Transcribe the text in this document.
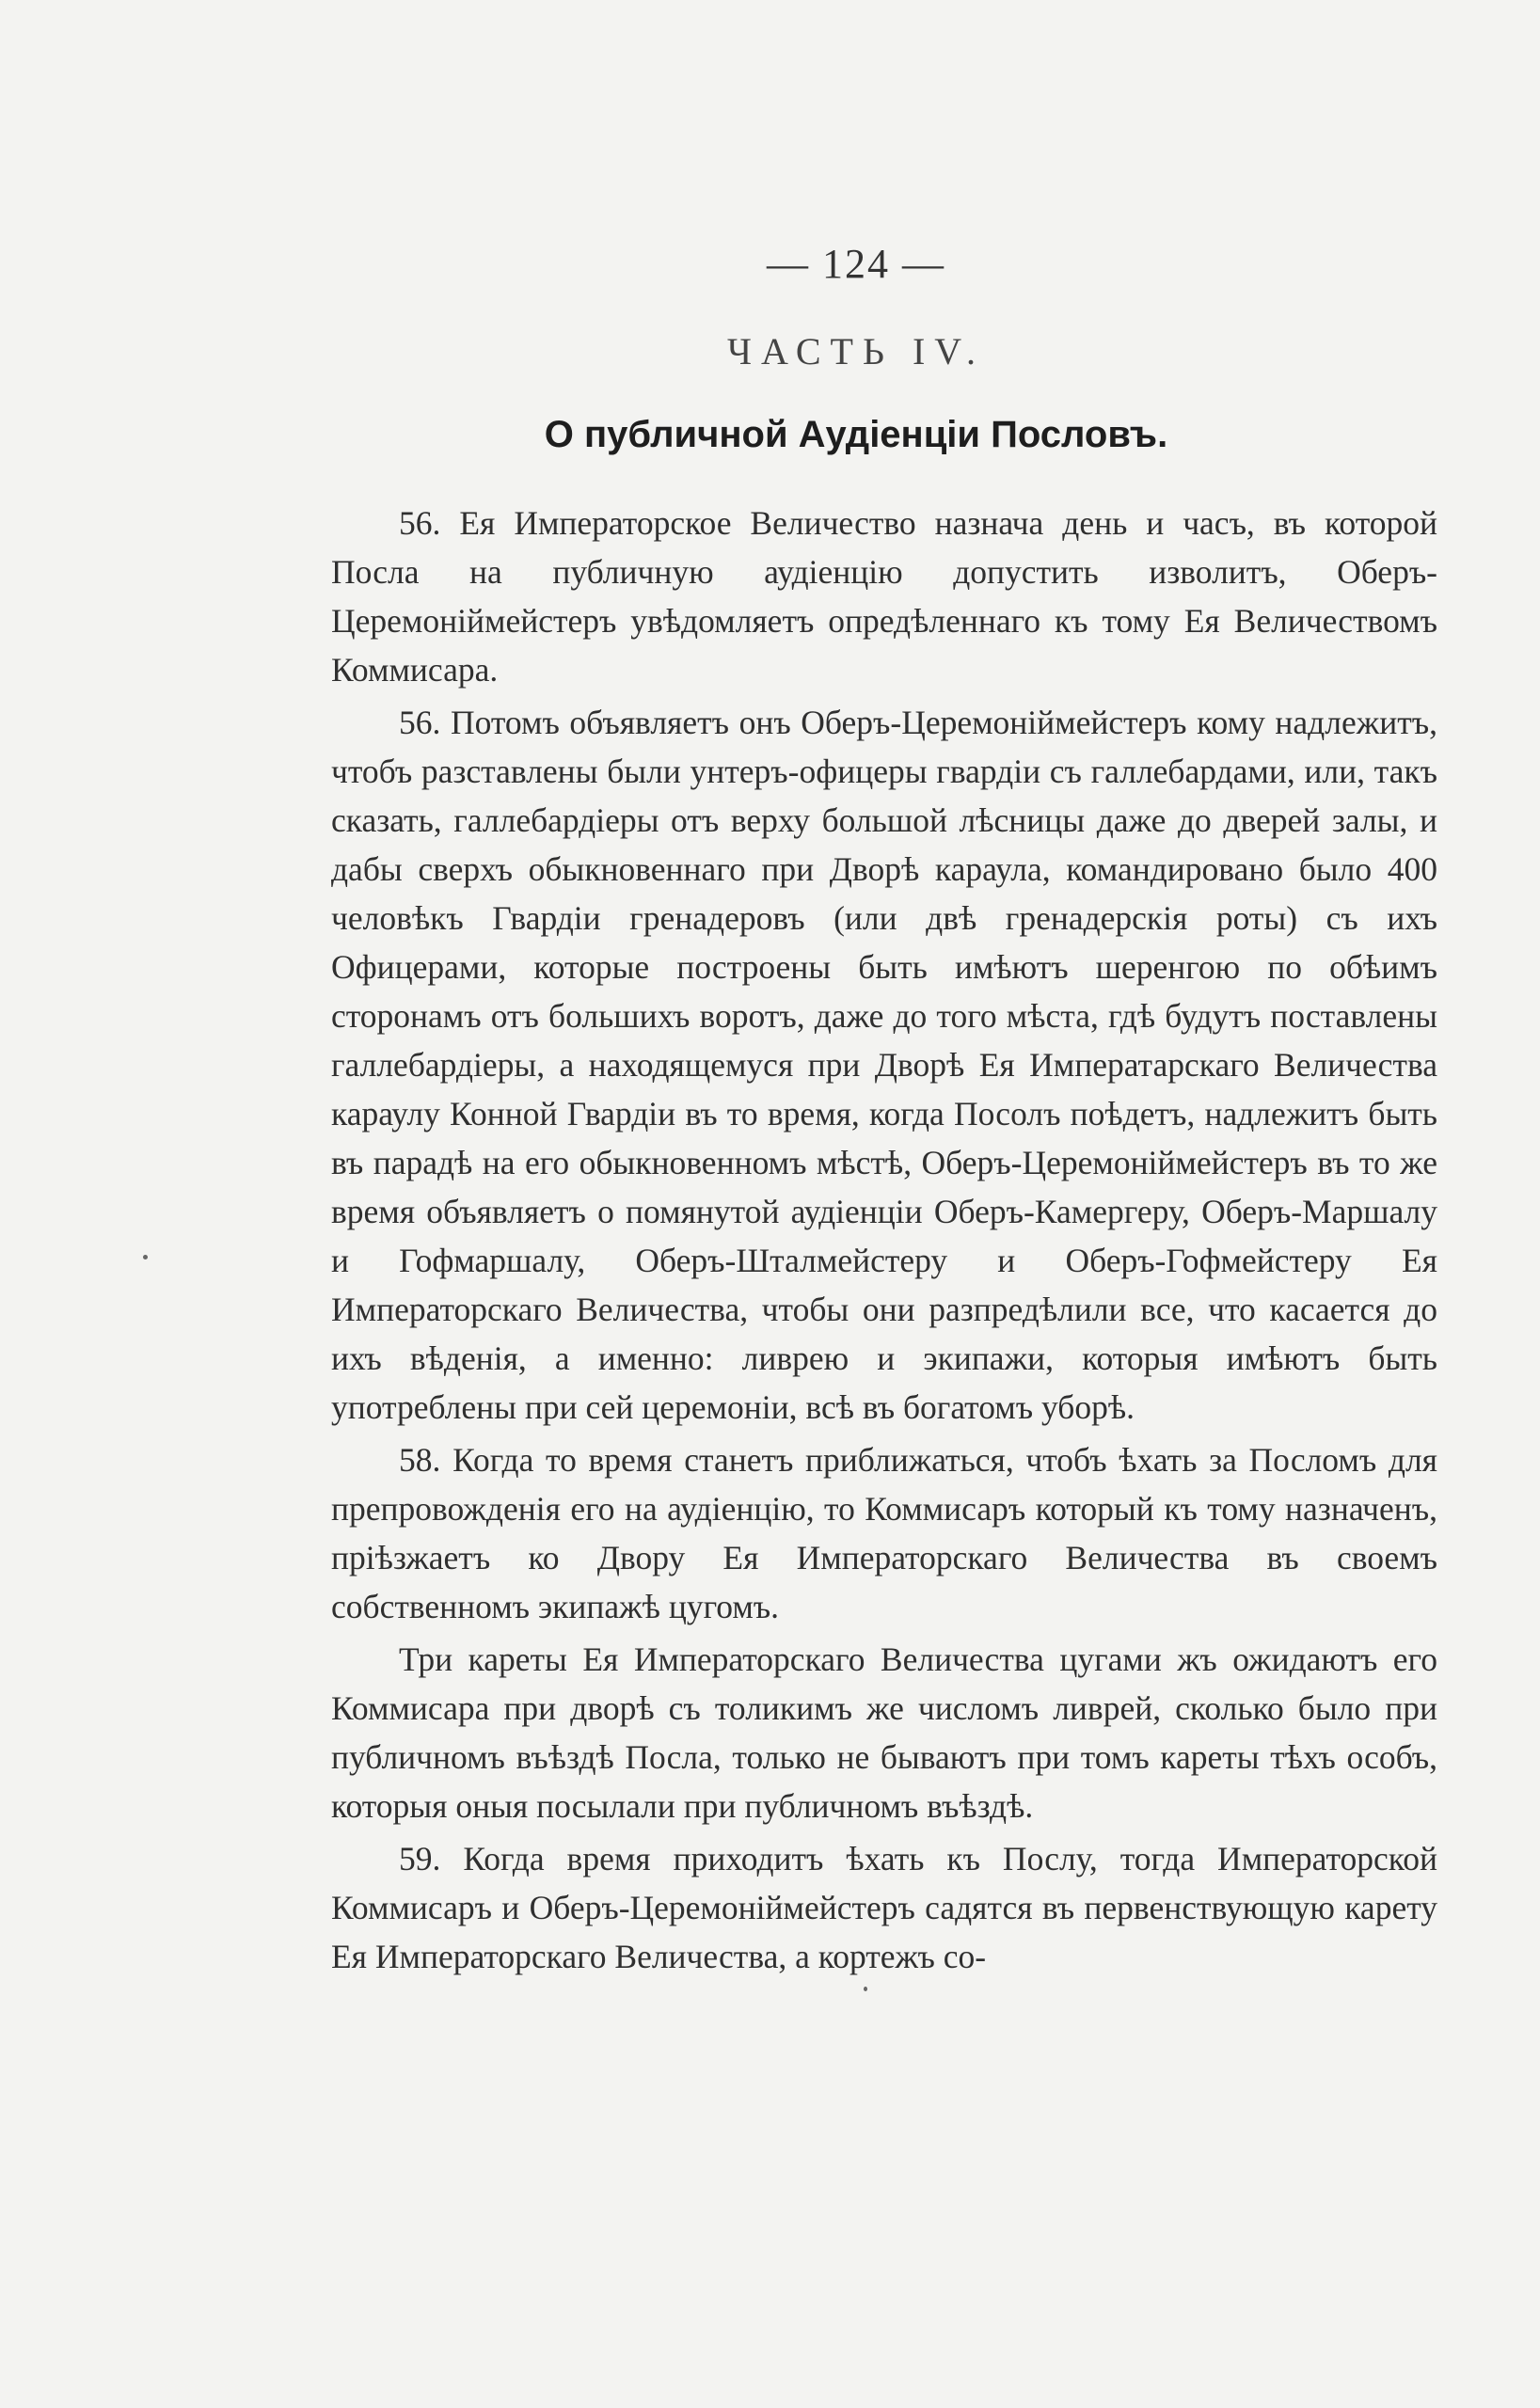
— 124 —
ЧАСТЬ IV.
О публичной Аудіенціи Пословъ.

56. Ея Императорское Величество назнача день и часъ, въ которой Посла на публичную аудіенцію допустить изволитъ, Оберъ-Церемоніймейстеръ увѣдомляетъ опредѣленнаго къ тому Ея Величествомъ Коммисара.

56. Потомъ объявляетъ онъ Оберъ-Церемоніймейстеръ кому надлежитъ, чтобъ разставлены были унтеръ-офицеры гвардіи съ галлебардами, или, такъ сказать, галлебардіеры отъ верху большой лѣсницы даже до дверей залы, и дабы сверхъ обыкновеннаго при Дворѣ караула, командировано было 400 человѣкъ Гвардіи гренадеровъ (или двѣ гренадерскія роты) съ ихъ Офицерами, которые построены быть имѣютъ шеренгою по обѣимъ сторонамъ отъ большихъ воротъ, даже до того мѣста, гдѣ будутъ поставлены галлебардіеры, а находящемуся при Дворѣ Ея Императарскаго Величества караулу Конной Гвардіи въ то время, когда Посолъ поѣдетъ, надлежитъ быть въ парадѣ на его обыкновенномъ мѣстѣ, Оберъ-Церемоніймейстеръ въ то же время объявляетъ о помянутой аудіенціи Оберъ-Камергеру, Оберъ-Маршалу и Гофмаршалу, Оберъ-Шталмейстеру и Оберъ-Гофмейстеру Ея Императорскаго Величества, чтобы они разпредѣлили все, что касается до ихъ вѣденія, а именно: ливрею и экипажи, которыя имѣютъ быть употреблены при сей церемоніи, всѣ въ богатомъ уборѣ.

58. Когда то время станетъ приближаться, чтобъ ѣхать за Посломъ для препровожденія его на аудіенцію, то Коммисаръ который къ тому назначенъ, пріѣзжаетъ ко Двору Ея Императорскаго Величества въ своемъ собственномъ экипажѣ цугомъ.

Три кареты Ея Императорскаго Величества цугами жъ ожидаютъ его Коммисара при дворѣ съ толикимъ же числомъ ливрей, сколько было при публичномъ въѣздѣ Посла, только не бываютъ при томъ кареты тѣхъ особъ, которыя оныя посылали при публичномъ въѣздѣ.

59. Когда время приходитъ ѣхать къ Послу, тогда Императорской Коммисаръ и Оберъ-Церемоніймейстеръ садятся въ первенствующую карету Ея Императорскаго Величества, а кортежъ со-
